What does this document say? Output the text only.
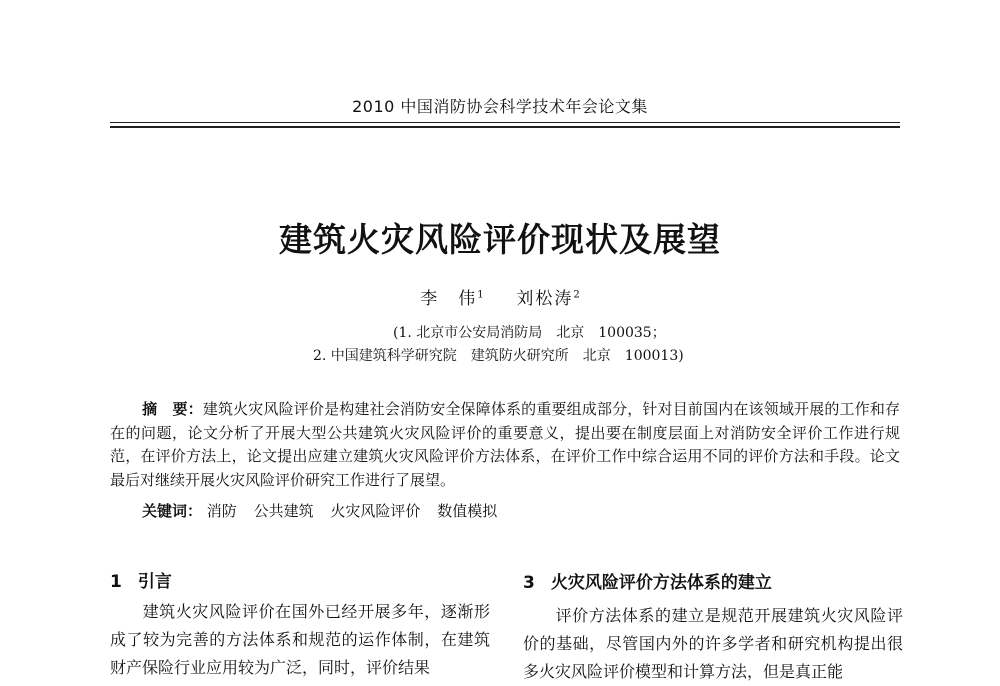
2010 中国消防协会科学技术年会论文集
建筑火灾风险评价现状及展望
李　伟$^1$ 刘松涛$^2$
(1. 北京市公安局消防局　北京　100035；
2. 中国建筑科学研究院　建筑防火研究所　北京　100013)
摘　要：建筑火灾风险评价是构建社会消防安全保障体系的重要组成部分，针对目前国内在该领域开展的工作和存在的问题，论文分析了开展大型公共建筑火灾风险评价的重要意义，提出要在制度层面上对消防安全评价工作进行规范，在评价方法上，论文提出应建立建筑火灾风险评价方法体系，在评价工作中综合运用不同的评价方法和手段。论文最后对继续开展火灾风险评价研究工作进行了展望。
关键词： 消防 公共建筑 火灾风险评价 数值模拟
1 引言
建筑火灾风险评价在国外已经开展多年，逐渐形成了较为完善的方法体系和规范的运作体制，在建筑财产保险行业应用较为广泛，同时，评价结果
3 火灾风险评价方法体系的建立
评价方法体系的建立是规范开展建筑火灾风险评价的基础，尽管国内外的许多学者和研究机构提出很多火灾风险评价模型和计算方法，但是真正能
